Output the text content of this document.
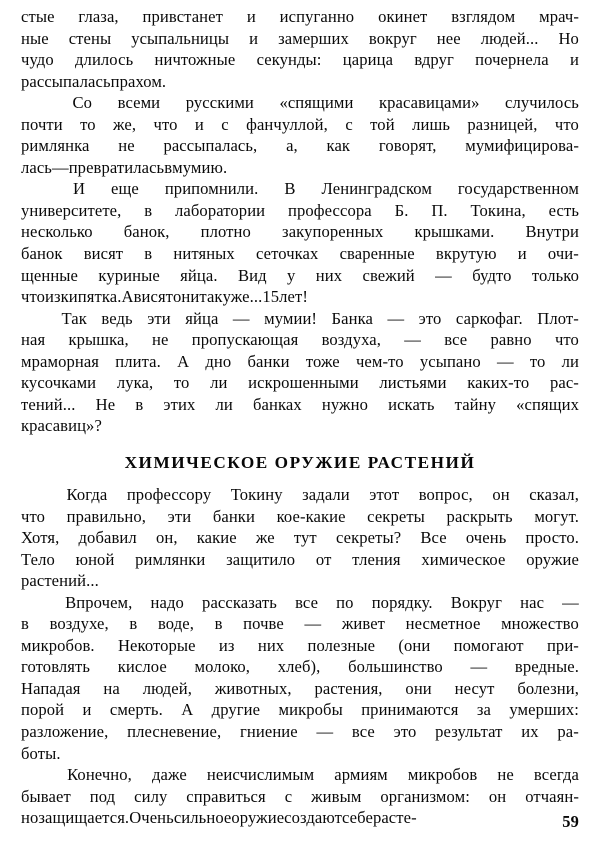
стые глаза, привстанет и испуганно окинет взглядом мрач-
ные стены усыпальницы и замерших вокруг нее людей... Но
чудо длилось ничтожные секунды: царица вдруг почернела и
рассыпалась прахом.
Со всеми русскими «спящими красавицами» случилось
почти то же, что и с фанчуллой, с той лишь разницей, что
римлянка не рассыпалась, а, как говорят, мумифицирова-
лась — превратилась в мумию.
И еще припомнили. В Ленинградском государственном
университете, в лаборатории профессора Б. П. Токина, есть
несколько банок, плотно закупоренных крышками. Внутри
банок висят в нитяных сеточках сваренные вкрутую и очи-
щенные куриные яйца. Вид у них свежий — будто только
что из кипятка. А висят они так уже... 15 лет!
Так ведь эти яйца — мумии! Банка — это саркофаг. Плот-
ная крышка, не пропускающая воздуха, — все равно что
мраморная плита. А дно банки тоже чем-то усыпано — то ли
кусочками лука, то ли искрошенными листьями каких-то рас-
тений... Не в этих ли банках нужно искать тайну «спящих
красавиц»?
ХИМИЧЕСКОЕ ОРУЖИЕ РАСТЕНИЙ
Когда профессору Токину задали этот вопрос, он сказал,
что правильно, эти банки кое-какие секреты раскрыть могут.
Хотя, добавил он, какие же тут секреты? Все очень просто.
Тело юной римлянки защитило от тления химическое оружие
растений...
Впрочем, надо рассказать все по порядку. Вокруг нас —
в воздухе, в воде, в почве — живет несметное множество
микробов. Некоторые из них полезные (они помогают при-
готовлять кислое молоко, хлеб), большинство — вредные.
Нападая на людей, животных, растения, они несут болезни,
порой и смерть. А другие микробы принимаются за умерших:
разложение, плесневение, гниение — все это результат их ра-
боты.
Конечно, даже неисчислимым армиям микробов не всегда
бывает под силу справиться с живым организмом: он отчаян-
но защищается. Очень сильное оружие создают себе расте-	59
